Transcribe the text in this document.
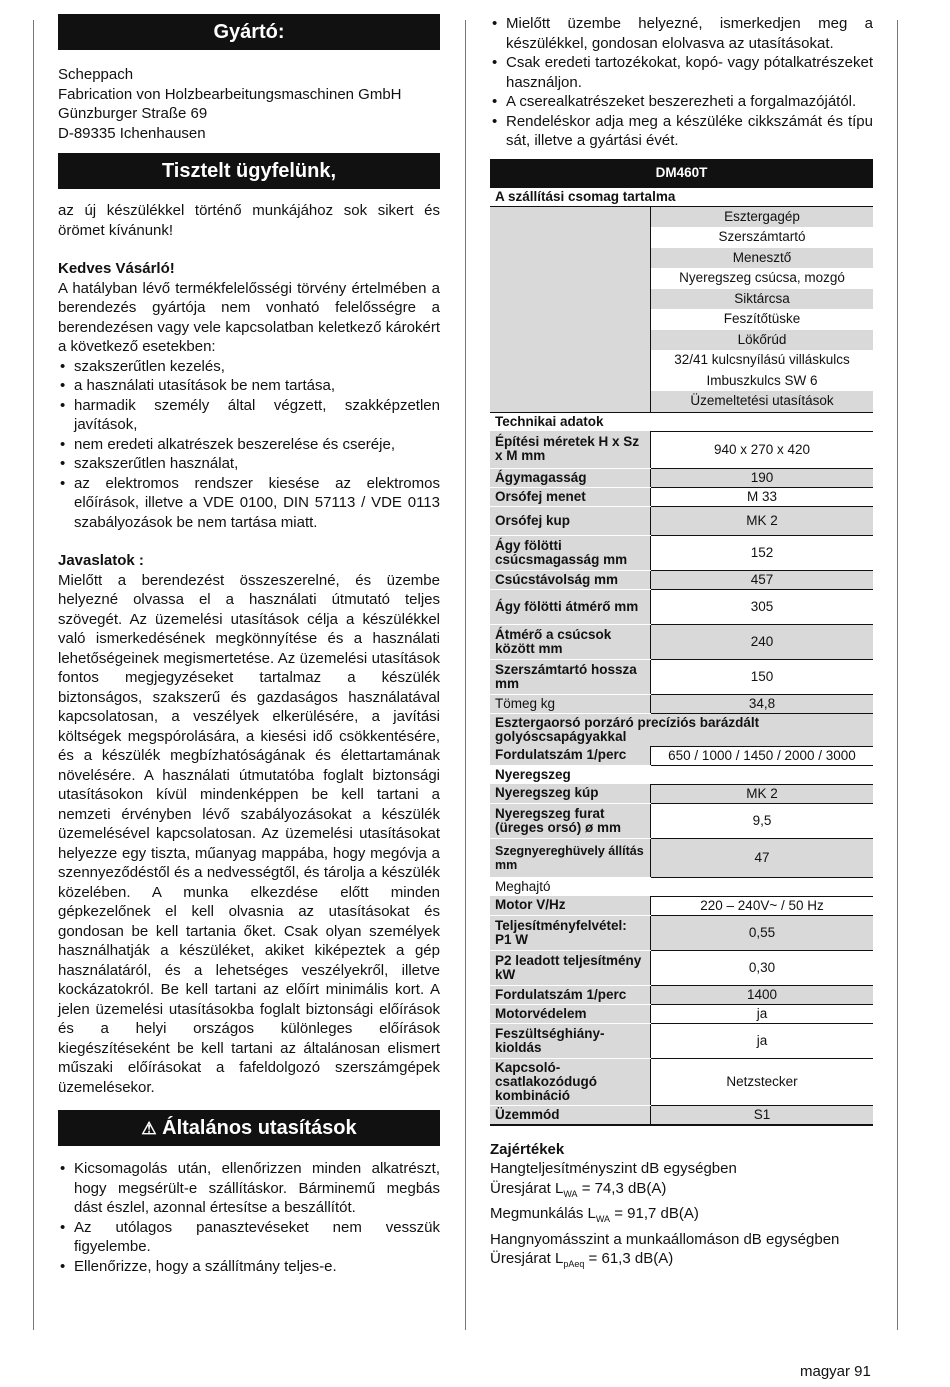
Gyártó:
Scheppach
Fabrication von Holzbearbeitungsmaschinen GmbH
Günzburger Straße 69
D-89335 Ichenhausen
Tisztelt ügyfelünk,
az új készülékkel történő munkájához sok sikert és örömet kívánunk!
Kedves Vásárló!
A hatályban lévő termékfelelősségi törvény értelmében a berendezés gyártója nem vonható felelősségre a berendezésen vagy vele kapcsolatban keletkező károkért a következő esetekben:
• szakszerűtlen kezelés,
• a használati utasítások be nem tartása,
• harmadik személy által végzett, szakképzetlen javítások,
• nem eredeti alkatrészek beszerelése és cseréje,
• szakszerűtlen használat,
• az elektromos rendszer kiesése az elektromos előírások, illetve a VDE 0100, DIN 57113 / VDE 0113 szabályozások be nem tartása miatt.
Javaslatok :
Mielőtt a berendezést összeszerelné, és üzembe helyezné olvassa el a használati útmutató teljes szövegét. Az üzemelési utasítások célja a készülékkel való ismerkedésének megkönnyítése és a használati lehetőségeinek megismertetése. Az üzemelési utasítások fontos megjegyzéseket tartalmaz a készülék biztonságos, szakszerű és gazdaságos használatával kapcsolatosan, a veszélyek elkerülésére, a javítási költségek megspórolására, a kiesési idő csökkentésére, és a készülék megbízhatóságának és élettartamának növelésére. A használati útmutatóba foglalt biztonsági utasításokon kívül mindenképpen be kell tartani a nemzeti érvényben lévő szabályozásokat a készülék üzemelésével kapcsolatosan. Az üzemelési utasításokat helyezze egy tiszta, műanyag mappába, hogy megóvja a szennyeződéstől és a nedvességtől, és tárolja a készülék közelében. A munka elkezdése előtt minden gépkezelőnek el kell olvasnia az utasításokat és gondosan be kell tartania őket. Csak olyan személyek használhatják a készüléket, akiket kiképeztek a gép használatáról, és a lehetséges veszélyekről, illetve kockázatokról. Be kell tartani az előírt minimális kort. A jelen üzemelési utasításokba foglalt biztonsági előírások és a helyi országos különleges előírások kiegészítéseként be kell tartani az általánosan elismert műszaki előírásokat a fafeldolgozó szerszámgépek üzemelésekor.
⚠ Általános utasítások
• Kicsomagolás után, ellenőrizzen minden alkatrészt, hogy megsérült-e szállításkor. Bárminemű megbás dást észlel, azonnal értesítse a beszállítót.
• Az utólagos panasztevéseket nem vesszük figyelembe.
• Ellenőrizze, hogy a szállítmány teljes-e.
• Mielőtt üzembe helyezné, ismerkedjen meg a készülékkel, gondosan elolvasva az utasításokat.
• Csak eredeti tartozékokat, kopó- vagy pótalkatrészeket használjon.
• A cserealkatrészeket beszerezheti a forgalmazójától.
• Rendeléskor adja meg a készüléke cikkszámát és típu sát, illetve a gyártási évét.
DM460T	
A szállítási csomag tartalma	
	Esztergagép
	Szerszámtartó
	Menesztő
	Nyeregszeg csúcsa, mozgó
	Siktárcsa
	Feszítőtüske
	Lökőrúd
	32/41 kulcsnyílású villáskulcs
	Imbuszkulcs SW 6
	Üzemeltetési utasítások
Technikai adatok	
Építési méretek H x Sz x M mm	940 x 270 x 420
Ágymagasság	190
Orsófej menet	M 33
Orsófej kup	MK 2
Ágy fölötti csúcsmagasság mm	152
Csúcstávolság mm	457
Ágy fölötti átmérő mm	305
Átmérő a csúcsok között mm	240
Szerszámtartó hossza mm	150
Tömeg kg	34,8
Esztergaorsó porzáró precíziós barázdált golyóscsapágyakkal	
Fordulatszám 1/perc	650 / 1000 / 1450 / 2000 / 3000
Nyeregszeg	
Nyeregszeg kúp	MK 2
Nyeregszeg furat (üreges orsó) ø mm	9,5
Szegnyereghüvely állítás mm	47
Meghajtó	
Motor V/Hz	220 – 240V~ / 50 Hz
Teljesítményfelvétel: P1 W	0,55
P2 leadott teljesítmény kW	0,30
Fordulatszám 1/perc	1400
Motorvédelem	ja
Feszültséghiány-kioldás	ja
Kapcsoló-csatlakozódugó kombináció	Netzstecker
Üzemmód	S1
Zajértékek
Hangteljesítményszint dB egységben
Üresjárat $L_{WA} = 74,3$ dB(A)
Megmunkálás $L_{WA} = 91,7$ dB(A)
Hangnyomásszint a munkaállomáson dB egységben
Üresjárat $L_{pAeq} = 61,3$ dB(A)
magyar 91
